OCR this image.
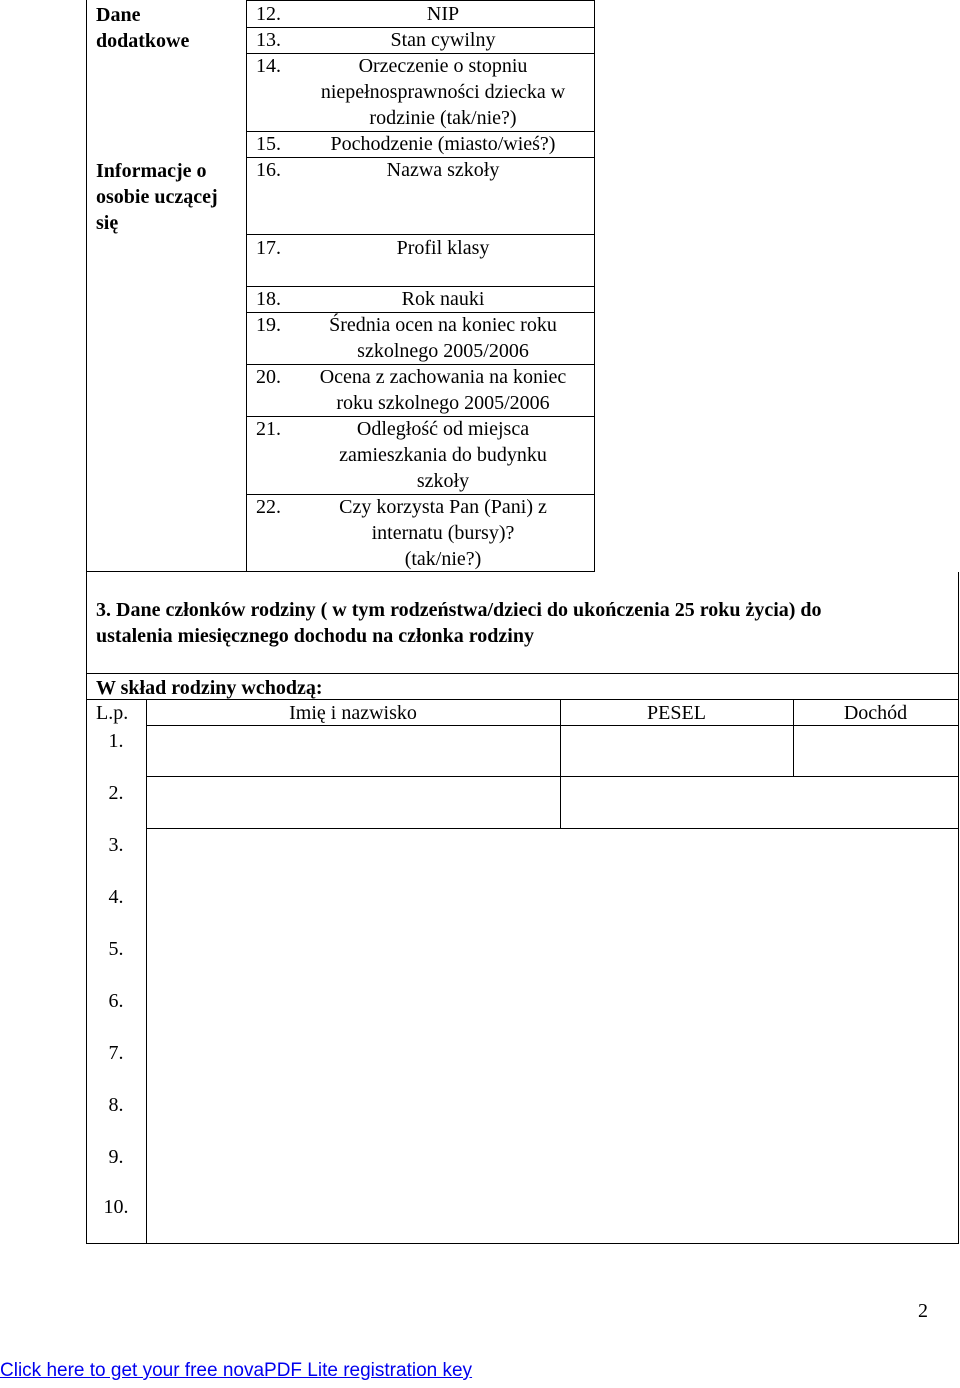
Dane
dodatkowe
Informacje o
osobie uczącej
się
12.	NIP
13.	Stan cywilny
14.	Orzeczenie o stopniu
niepełnosprawności dziecka w
rodzinie (tak/nie?)
15.	Pochodzenie (miasto/wieś?)
16.	Nazwa szkoły
17.	Profil klasy
18.	Rok nauki
19.	Średnia ocen na koniec roku
szkolnego 2005/2006
20.	Ocena z zachowania na koniec
roku szkolnego 2005/2006
21.	Odległość od miejsca
zamieszkania do budynku
szkoły
22.	Czy korzysta Pan (Pani) z
internatu (bursy)?
(tak/nie?)
3. Dane członków rodziny ( w tym rodzeństwa/dzieci do ukończenia 25 roku życia) do
ustalenia miesięcznego dochodu na członka rodziny
W skład rodziny wchodzą:
L.p.	Imię i nazwisko	PESEL	Dochód
1.
2.
3.
4.
5.
6.
7.
8.
9.
10.
2
Click here to get your free novaPDF Lite registration key
